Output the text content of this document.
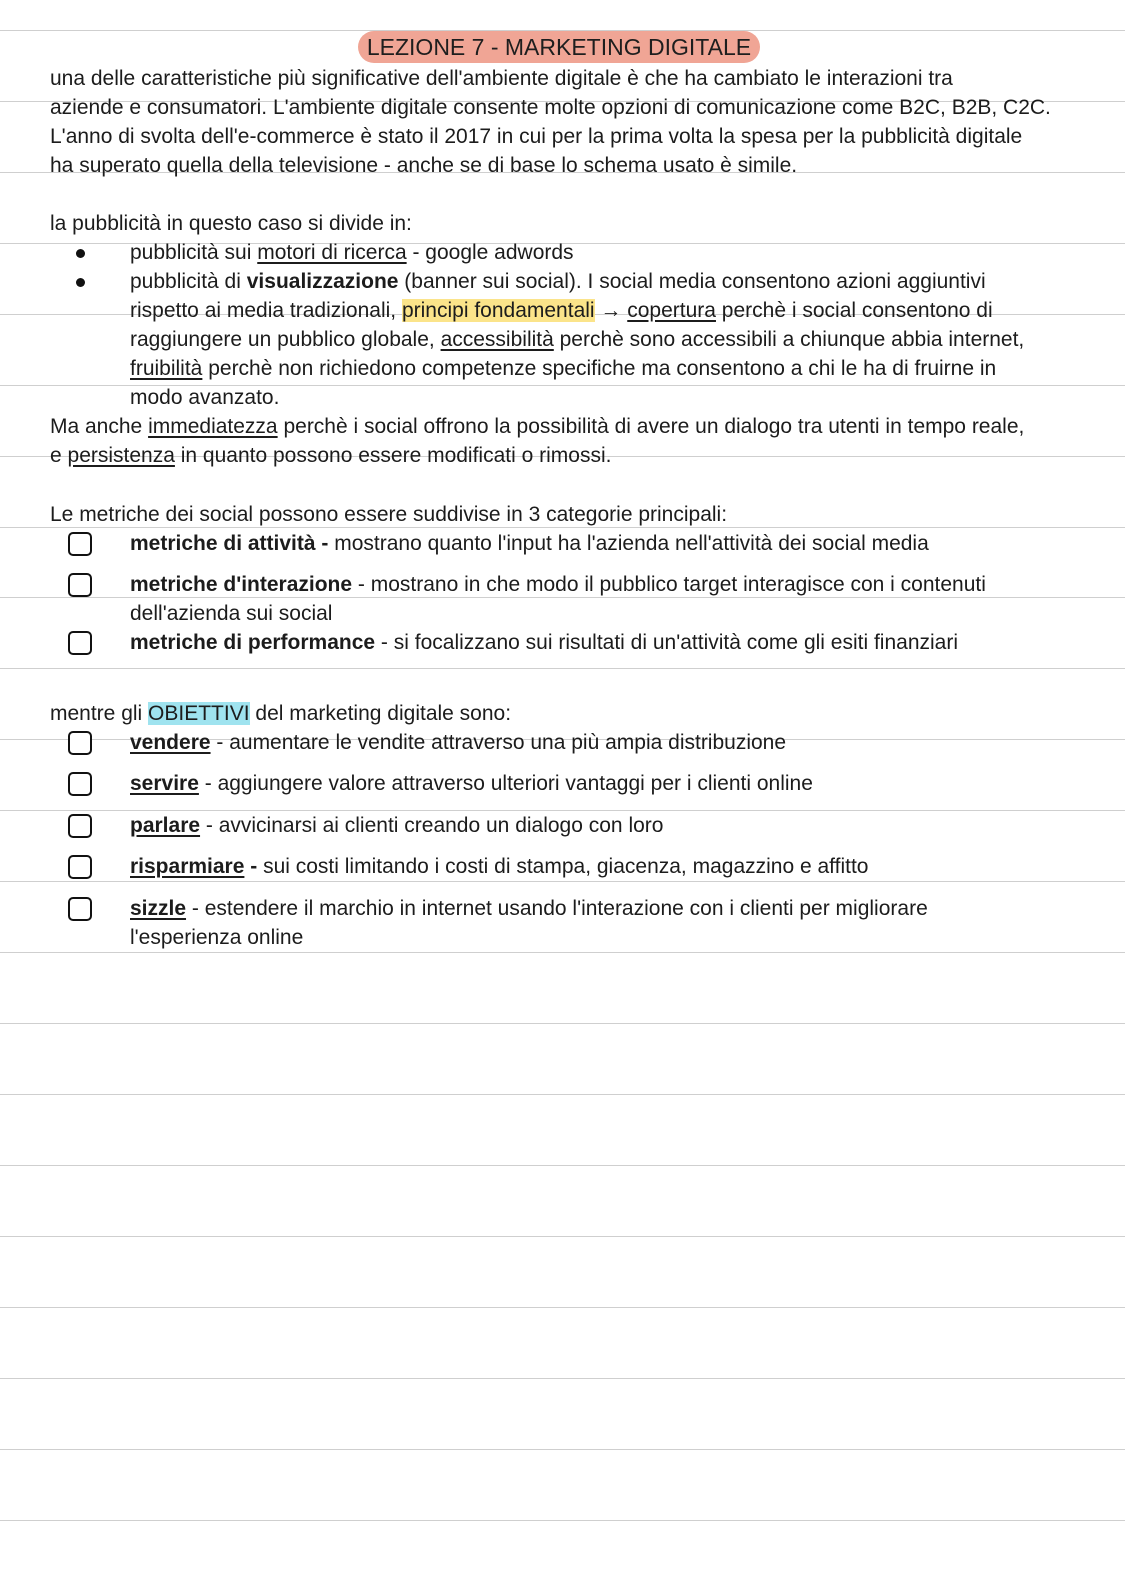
LEZIONE 7 - MARKETING DIGITALE
una delle caratteristiche più significative dell'ambiente digitale è che ha cambiato le interazioni tra
aziende e consumatori. L'ambiente digitale consente molte opzioni di comunicazione come B2C, B2B, C2C.
L'anno di svolta dell'e-commerce è stato il 2017 in cui per la prima volta la spesa per la pubblicità digitale
ha superato quella della televisione - anche se di base lo schema usato è simile.
la pubblicità in questo caso si divide in:
pubblicità sui motori di ricerca - google adwords
pubblicità di visualizzazione (banner sui social). I social media consentono azioni aggiuntivi
rispetto ai media tradizionali, principi fondamentali → copertura perchè i social consentono di
raggiungere un pubblico globale, accessibilità perchè sono accessibili a chiunque abbia internet,
fruibilità perchè non richiedono competenze specifiche ma consentono a chi le ha di fruirne in
modo avanzato.
Ma anche immediatezza perchè i social offrono la possibilità di avere un dialogo tra utenti in tempo reale,
e persistenza in quanto possono essere modificati o rimossi.
Le metriche dei social possono essere suddivise in 3 categorie principali:
metriche di attività - mostrano quanto l'input ha l'azienda nell'attività dei social media
metriche d'interazione - mostrano in che modo il pubblico target interagisce con i contenuti
dell'azienda sui social
metriche di performance - si focalizzano sui risultati di un'attività come gli esiti finanziari
mentre gli OBIETTIVI del marketing digitale sono:
vendere - aumentare le vendite attraverso una più ampia distribuzione
servire - aggiungere valore attraverso ulteriori vantaggi per i clienti online
parlare - avvicinarsi ai clienti creando un dialogo con loro
risparmiare - sui costi limitando i costi di stampa, giacenza, magazzino e affitto
sizzle - estendere il marchio in internet usando l'interazione con i clienti per migliorare
l'esperienza online
